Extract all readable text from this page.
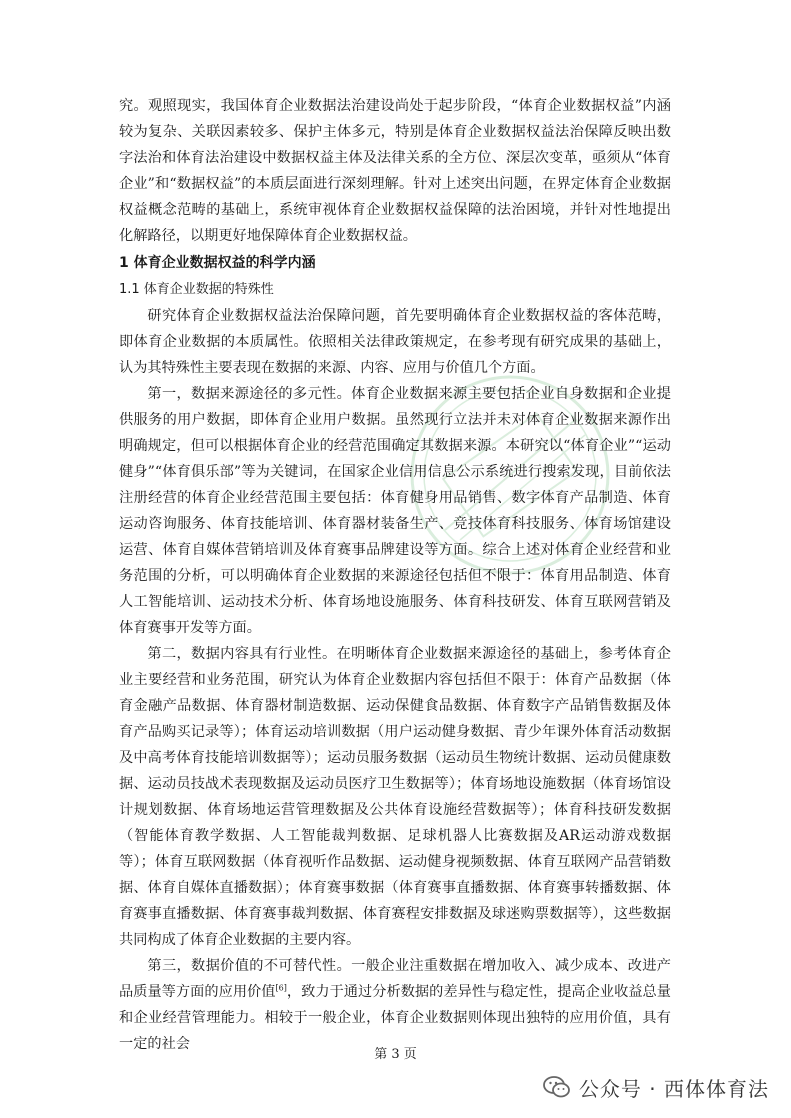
究。观照现实，我国体育企业数据法治建设尚处于起步阶段，“体育企业数据权益”内涵较为复杂、关联因素较多、保护主体多元，特别是体育企业数据权益法治保障反映出数字法治和体育法治建设中数据权益主体及法律关系的全方位、深层次变革，亟须从“体育企业”和“数据权益”的本质层面进行深刻理解。针对上述突出问题，在界定体育企业数据权益概念范畴的基础上，系统审视体育企业数据权益保障的法治困境，并针对性地提出化解路径，以期更好地保障体育企业数据权益。

1 体育企业数据权益的科学内涵
1.1 体育企业数据的特殊性

研究体育企业数据权益法治保障问题，首先要明确体育企业数据权益的客体范畴，即体育企业数据的本质属性。依照相关法律政策规定，在参考现有研究成果的基础上，认为其特殊性主要表现在数据的来源、内容、应用与价值几个方面。

第一，数据来源途径的多元性。体育企业数据来源主要包括企业自身数据和企业提供服务的用户数据，即体育企业用户数据。虽然现行立法并未对体育企业数据来源作出明确规定，但可以根据体育企业的经营范围确定其数据来源。本研究以“体育企业”“运动健身”“体育俱乐部”等为关键词，在国家企业信用信息公示系统进行搜索发现，目前依法注册经营的体育企业经营范围主要包括：体育健身用品销售、数字体育产品制造、体育运动咨询服务、体育技能培训、体育器材装备生产、竞技体育科技服务、体育场馆建设运营、体育自媒体营销培训及体育赛事品牌建设等方面。综合上述对体育企业经营和业务范围的分析，可以明确体育企业数据的来源途径包括但不限于：体育用品制造、体育人工智能培训、运动技术分析、体育场地设施服务、体育科技研发、体育互联网营销及体育赛事开发等方面。

第二，数据内容具有行业性。在明晰体育企业数据来源途径的基础上，参考体育企业主要经营和业务范围，研究认为体育企业数据内容包括但不限于：体育产品数据（体育金融产品数据、体育器材制造数据、运动保健食品数据、体育数字产品销售数据及体育产品购买记录等）；体育运动培训数据（用户运动健身数据、青少年课外体育活动数据及中高考体育技能培训数据等）；运动员服务数据（运动员生物统计数据、运动员健康数据、运动员技战术表现数据及运动员医疗卫生数据等）；体育场地设施数据（体育场馆设计规划数据、体育场地运营管理数据及公共体育设施经营数据等）；体育科技研发数据（智能体育教学数据、人工智能裁判数据、足球机器人比赛数据及AR运动游戏数据等）；体育互联网数据（体育视听作品数据、运动健身视频数据、体育互联网产品营销数据、体育自媒体直播数据）；体育赛事数据（体育赛事直播数据、体育赛事转播数据、体育赛事直播数据、体育赛事裁判数据、体育赛程安排数据及球迷购票数据等），这些数据共同构成了体育企业数据的主要内容。

第三，数据价值的不可替代性。一般企业注重数据在增加收入、减少成本、改进产品质量等方面的应用价值[6]，致力于通过分析数据的差异性与稳定性，提高企业收益总量和企业经营管理能力。相较于一般企业，体育企业数据则体现出独特的应用价值，具有一定的社会

第 3 页
公众号 · 西体体育法
